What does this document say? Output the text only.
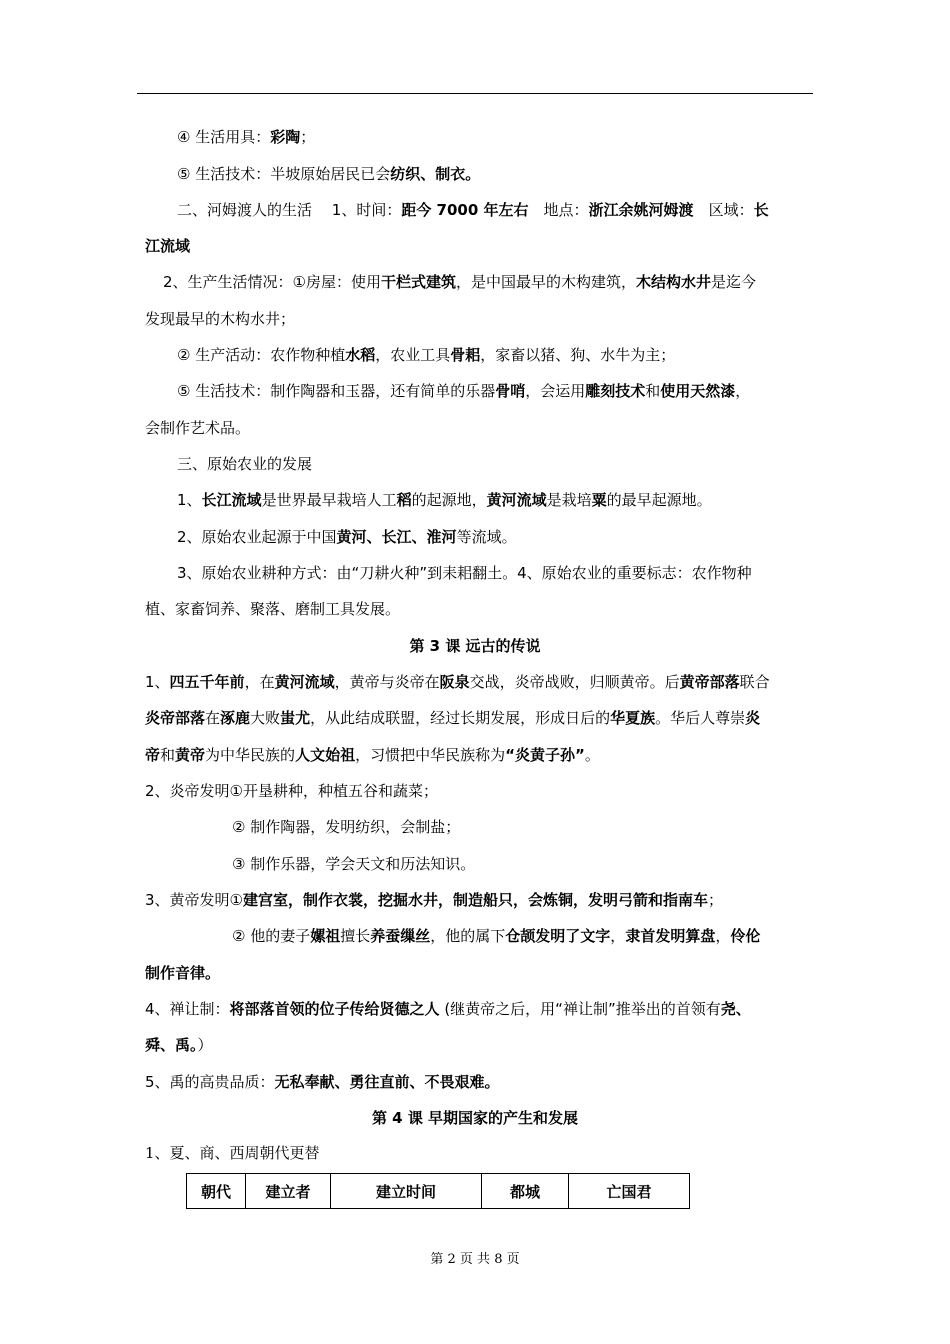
④ 生活用具：彩陶；
⑤ 生活技术：半坡原始居民已会纺织、制衣。
二、河姆渡人的生活　 1、时间：距今 7000 年左右　地点：浙江余姚河姆渡　区域：长
江流域
2、生产生活情况：①房屋：使用干栏式建筑，是中国最早的木构建筑，木结构水井是迄今
发现最早的木构水井；
② 生产活动：农作物种植水稻，农业工具骨耜，家畜以猪、狗、水牛为主；
⑤ 生活技术：制作陶器和玉器，还有简单的乐器骨哨，会运用雕刻技术和使用天然漆，
会制作艺术品。
三、原始农业的发展
1、长江流域是世界最早栽培人工稻的起源地，黄河流域是栽培粟的最早起源地。
2、原始农业起源于中国黄河、长江、淮河等流域。
3、原始农业耕种方式：由“刀耕火种”到耒耜翻土。4、原始农业的重要标志：农作物种
植、家畜饲养、聚落、磨制工具发展。
第 3 课 远古的传说
1、四五千年前，在黄河流域，黄帝与炎帝在阪泉交战，炎帝战败，归顺黄帝。后黄帝部落联合
炎帝部落在涿鹿大败蚩尤，从此结成联盟，经过长期发展，形成日后的华夏族。华后人尊崇炎
帝和黄帝为中华民族的人文始祖，习惯把中华民族称为“炎黄子孙”。
2、炎帝发明①开垦耕种，种植五谷和蔬菜；
② 制作陶器，发明纺织，会制盐；
③ 制作乐器，学会天文和历法知识。
3、黄帝发明①建宫室，制作衣裳，挖掘水井，制造船只，会炼铜，发明弓箭和指南车；
② 他的妻子嫘祖擅长养蚕缫丝，他的属下仓颉发明了文字，隶首发明算盘，伶伦
制作音律。
4、禅让制：将部落首领的位子传给贤德之人 (继黄帝之后，用“禅让制”推举出的首领有尧、
舜、禹。）
5、禹的高贵品质：无私奉献、勇往直前、不畏艰难。
第 4 课 早期国家的产生和发展
1、夏、商、西周朝代更替
朝代	建立者	建立时间	都城	亡国君
第 2 页 共 8 页
